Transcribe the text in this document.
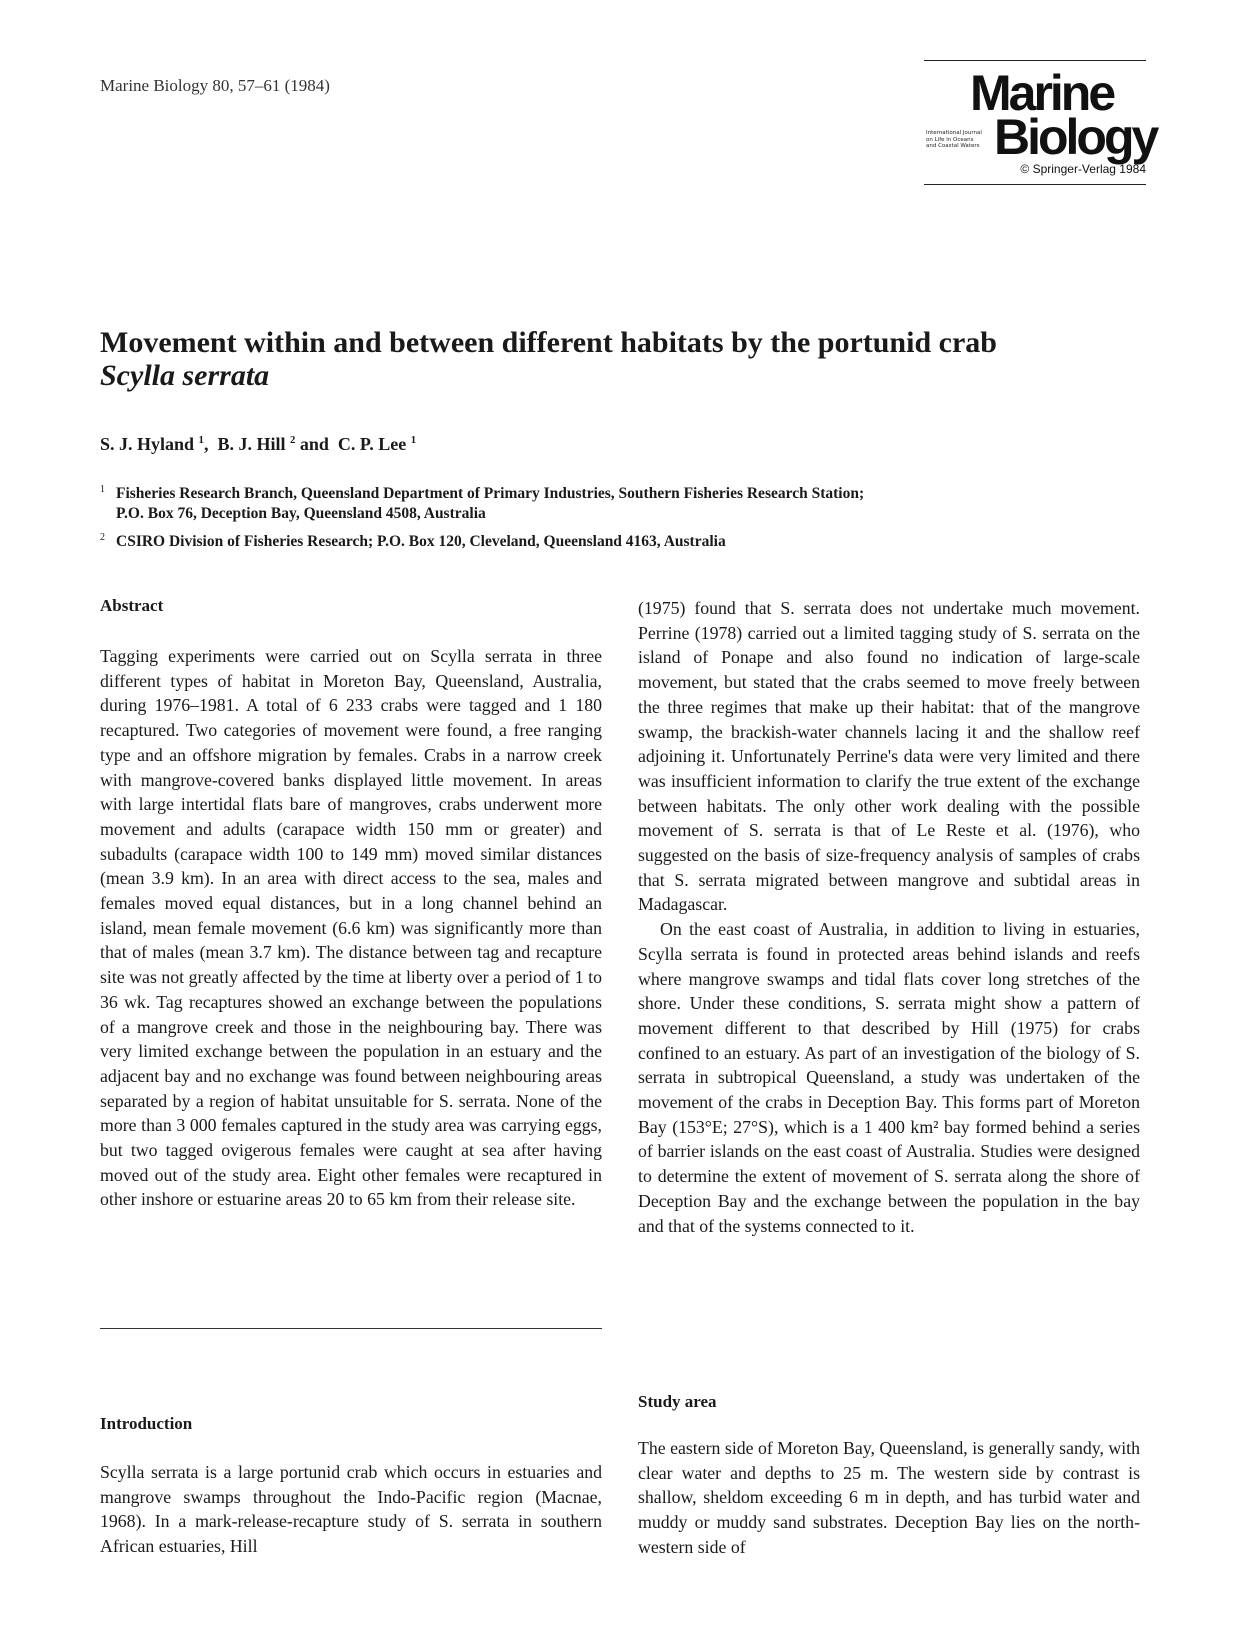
Marine Biology 80, 57–61 (1984)	Marine
International Journal
on Life in Oceans
and Coastal Waters Biology
© Springer-Verlag 1984
Movement within and between different habitats by the portunid crab
Scylla serrata
S. J. Hyland $^1$,  B. J. Hill $^2$ and  C. P. Lee $^1$
1 Fisheries Research Branch, Queensland Department of Primary Industries, Southern Fisheries Research Station;
P.O. Box 76, Deception Bay, Queensland 4508, Australia
2 CSIRO Division of Fisheries Research; P.O. Box 120, Cleveland, Queensland 4163, Australia
Abstract

Tagging experiments were carried out on Scylla serrata in three different types of habitat in Moreton Bay, Queensland, Australia, during 1976–1981. A total of 6 233 crabs were tagged and 1 180 recaptured. Two categories of movement were found, a free ranging type and an offshore migration by females. Crabs in a narrow creek with mangrove-covered banks displayed little movement. In areas with large intertidal flats bare of mangroves, crabs underwent more movement and adults (carapace width 150 mm or greater) and subadults (carapace width 100 to 149 mm) moved similar distances (mean 3.9 km). In an area with direct access to the sea, males and females moved equal distances, but in a long channel behind an island, mean female movement (6.6 km) was significantly more than that of males (mean 3.7 km). The distance between tag and recapture site was not greatly affected by the time at liberty over a period of 1 to 36 wk. Tag recaptures showed an exchange between the populations of a mangrove creek and those in the neighbouring bay. There was very limited exchange between the population in an estuary and the adjacent bay and no exchange was found between neighbouring areas separated by a region of habitat unsuitable for S. serrata. None of the more than 3 000 females captured in the study area was carrying eggs, but two tagged ovigerous females were caught at sea after having moved out of the study area. Eight other females were recaptured in other inshore or estuarine areas 20 to 65 km from their release site.

Introduction

Scylla serrata is a large portunid crab which occurs in estuaries and mangrove swamps throughout the Indo-Pacific region (Macnae, 1968). In a mark-release-recapture study of S. serrata in southern African estuaries, Hill

(1975) found that S. serrata does not undertake much movement. Perrine (1978) carried out a limited tagging study of S. serrata on the island of Ponape and also found no indication of large-scale movement, but stated that the crabs seemed to move freely between the three regimes that make up their habitat: that of the mangrove swamp, the brackish-water channels lacing it and the shallow reef adjoining it. Unfortunately Perrine's data were very limited and there was insufficient information to clarify the true extent of the exchange between habitats. The only other work dealing with the possible movement of S. serrata is that of Le Reste et al. (1976), who suggested on the basis of size-frequency analysis of samples of crabs that S. serrata migrated between mangrove and subtidal areas in Madagascar.

On the east coast of Australia, in addition to living in estuaries, Scylla serrata is found in protected areas behind islands and reefs where mangrove swamps and tidal flats cover long stretches of the shore. Under these conditions, S. serrata might show a pattern of movement different to that described by Hill (1975) for crabs confined to an estuary. As part of an investigation of the biology of S. serrata in subtropical Queensland, a study was undertaken of the movement of the crabs in Deception Bay. This forms part of Moreton Bay (153°E; 27°S), which is a 1 400 km² bay formed behind a series of barrier islands on the east coast of Australia. Studies were designed to determine the extent of movement of S. serrata along the shore of Deception Bay and the exchange between the population in the bay and that of the systems connected to it.

Study area

The eastern side of Moreton Bay, Queensland, is generally sandy, with clear water and depths to 25 m. The western side by contrast is shallow, sheldom exceeding 6 m in depth, and has turbid water and muddy or muddy sand substrates. Deception Bay lies on the north-western side of
